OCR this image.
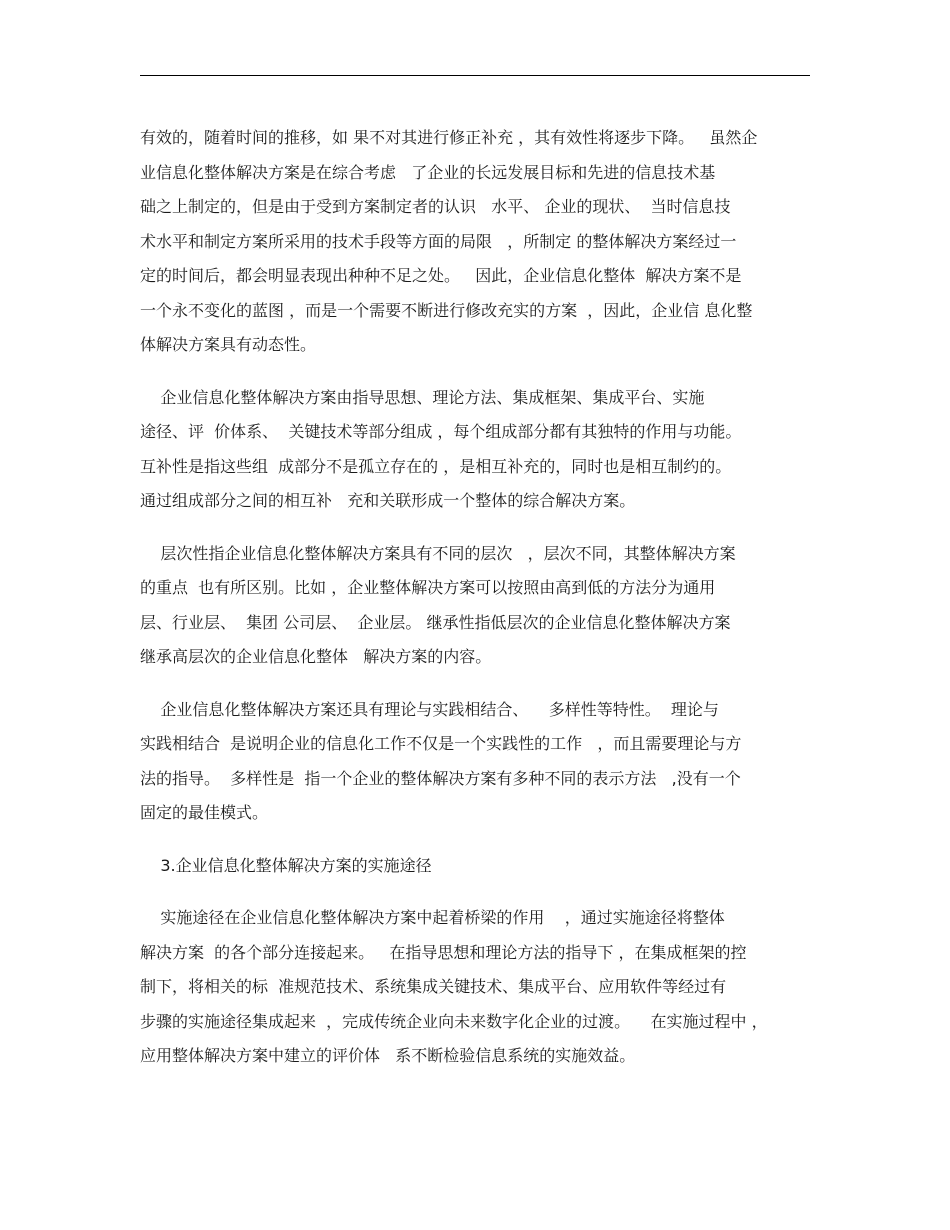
有效的，随着时间的推移，如 果不对其进行修正补充 ，其有效性将逐步下降。   虽然企
业信息化整体解决方案是在综合考虑   了企业的长远发展目标和先进的信息技术基
础之上制定的，但是由于受到方案制定者的认识   水平、 企业的现状、  当时信息技
术水平和制定方案所采用的技术手段等方面的局限   ，所制定 的整体解决方案经过一
定的时间后，都会明显表现出种种不足之处。   因此，企业信息化整体  解决方案不是
一个永不变化的蓝图 ，而是一个需要不断进行修改充实的方案  ，因此，企业信 息化整
体解决方案具有动态性。
企业信息化整体解决方案由指导思想、理论方法、集成框架、集成平台、实施
途径、评  价体系、  关键技术等部分组成 ，每个组成部分都有其独特的作用与功能。
互补性是指这些组  成部分不是孤立存在的 ，是相互补充的，同时也是相互制约的。
通过组成部分之间的相互补   充和关联形成一个整体的综合解决方案。
层次性指企业信息化整体解决方案具有不同的层次   ，层次不同，其整体解决方案
的重点  也有所区别。比如 ，企业整体解决方案可以按照由高到低的方法分为通用
层、行业层、  集团 公司层、  企业层。 继承性指低层次的企业信息化整体解决方案
继承高层次的企业信息化整体   解决方案的内容。
企业信息化整体解决方案还具有理论与实践相结合、    多样性等特性。  理论与
实践相结合  是说明企业的信息化工作不仅是一个实践性的工作   ，而且需要理论与方
法的指导。  多样性是  指一个企业的整体解决方案有多种不同的表示方法   ,没有一个
固定的最佳模式。
3.企业信息化整体解决方案的实施途径
实施途径在企业信息化整体解决方案中起着桥梁的作用    ，通过实施途径将整体
解决方案  的各个部分连接起来。   在指导思想和理论方法的指导下 ，在集成框架的控
制下，将相关的标  准规范技术、系统集成关键技术、集成平台、应用软件等经过有
步骤的实施途径集成起来  ，完成传统企业向未来数字化企业的过渡。    在实施过程中 ，
应用整体解决方案中建立的评价体   系不断检验信息系统的实施效益。
